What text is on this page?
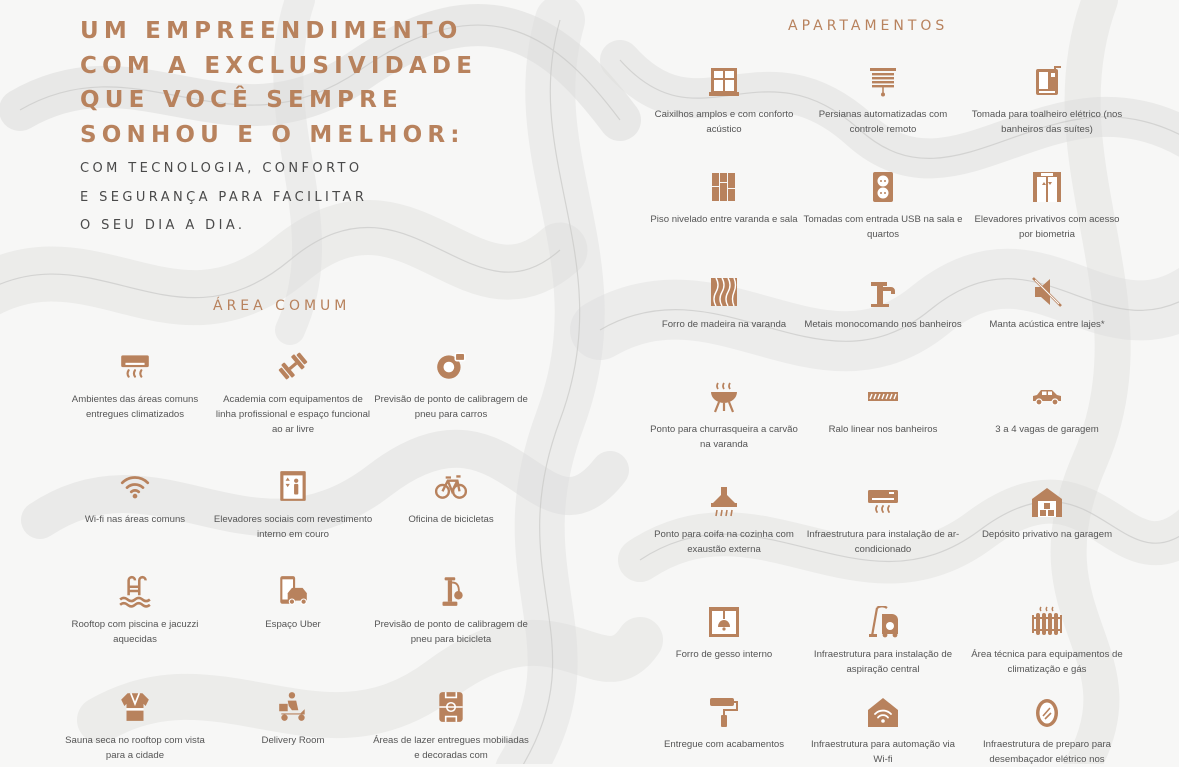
UM EMPREENDIMENTO
COM A EXCLUSIVIDADE
QUE VOCÊ SEMPRE
SONHOU E O MELHOR:
COM TECNOLOGIA, CONFORTO
E SEGURANÇA PARA FACILITAR
O SEU DIA A DIA.
ÁREA COMUM
APARTAMENTOS
Ambientes das áreas comuns entregues climatizados
Academia com equipamentos de linha profissional e espaço funcional ao ar livre
Previsão de ponto de calibragem de pneu para carros
Wi-fi nas áreas comuns	Elevadores sociais com revestimento interno em couro
Oficina de bicicletas
Rooftop com piscina e jacuzzi aquecidas
Espaço Uber	Previsão de ponto de calibragem de pneu para bicicleta
Sauna seca no rooftop com vista para a cidade
Delivery Room	Áreas de lazer entregues mobiliadas e decoradas com
Caixilhos amplos e com conforto acústico
Persianas automatizadas com controle remoto
Tomada para toalheiro elétrico (nos banheiros das suítes)
Piso nivelado entre varanda e sala Tomadas com entrada USB na sala e quartos
Elevadores privativos com acesso por biometria
Forro de madeira na varanda	Metais monocomando nos banheiros	Manta acústica entre lajes*
Ponto para churrasqueira a carvão na varanda
Ralo linear nos banheiros	3 a 4 vagas de garagem
Ponto para coifa na cozinha com exaustão externa
Infraestrutura para instalação de ar-condicionado
Depósito privativo na garagem
Forro de gesso interno	Infraestrutura para instalação de aspiração central
Área técnica para equipamentos de climatização e gás
Entregue com acabamentos	Infraestrutura para automação via Wi-fi
Infraestrutura de preparo para desembaçador elétrico nos
